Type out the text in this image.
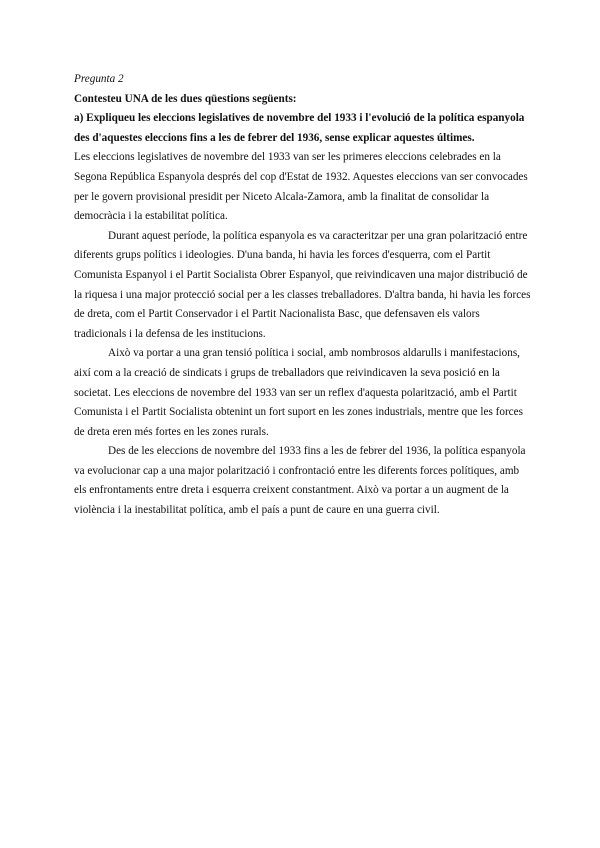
Pregunta 2

Contesteu UNA de les dues qüestions següents:

a) Expliqueu les eleccions legislatives de novembre del 1933 i l'evolució de la política espanyola

des d'aquestes eleccions fins a les de febrer del 1936, sense explicar aquestes últimes.

Les eleccions legislatives de novembre del 1933 van ser les primeres eleccions celebrades en la

Segona República Espanyola després del cop d'Estat de 1932. Aquestes eleccions van ser convocades

per le govern provisional presidit per Niceto Alcala-Zamora, amb la finalitat de consolidar la

democràcia i la estabilitat política.

Durant aquest període, la política espanyola es va caracteritzar per una gran polarització entre

diferents grups polítics i ideologies. D'una banda, hi havia les forces d'esquerra, com el Partit

Comunista Espanyol i el Partit Socialista Obrer Espanyol, que reivindicaven una major distribució de

la riquesa i una major protecció social per a les classes treballadores. D'altra banda, hi havia les forces

de dreta, com el Partit Conservador i el Partit Nacionalista Basc, que defensaven els valors

tradicionals i la defensa de les institucions.

Això va portar a una gran tensió política i social, amb nombrosos aldarulls i manifestacions,

així com a la creació de sindicats i grups de treballadors que reivindicaven la seva posició en la

societat. Les eleccions de novembre del 1933 van ser un reflex d'aquesta polarització, amb el Partit

Comunista i el Partit Socialista obtenint un fort suport en les zones industrials, mentre que les forces

de dreta eren més fortes en les zones rurals.

Des de les eleccions de novembre del 1933 fins a les de febrer del 1936, la política espanyola

va evolucionar cap a una major polarització i confrontació entre les diferents forces polítiques, amb

els enfrontaments entre dreta i esquerra creixent constantment. Això va portar a un augment de la

violència i la inestabilitat política, amb el país a punt de caure en una guerra civil.
